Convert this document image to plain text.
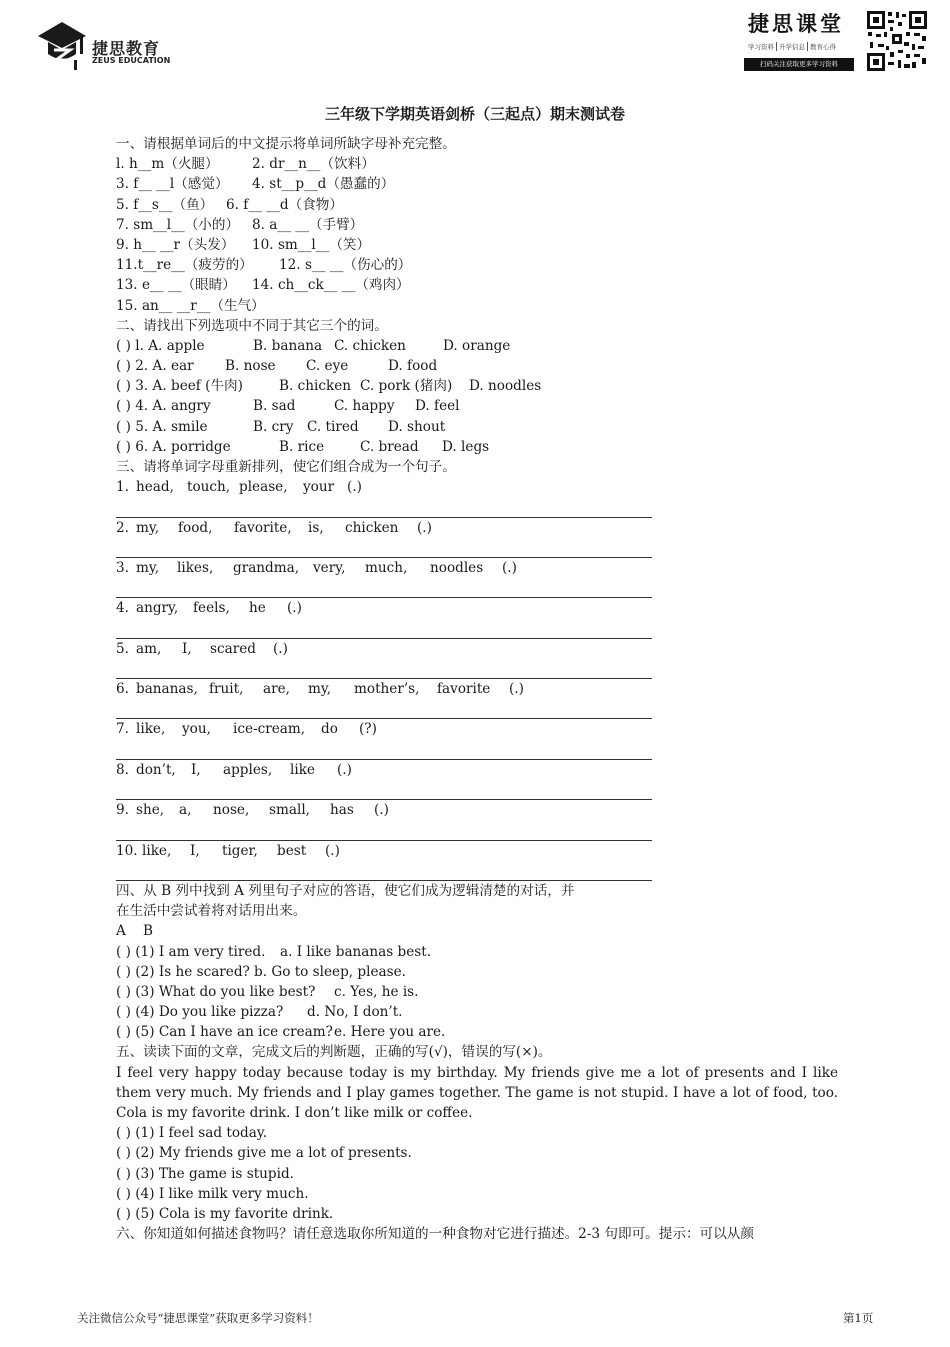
捷思教育
ZEUS EDUCATION
捷思课堂
学习资料 升学信息 教育心得
扫码关注获取更多学习资料
三年级下学期英语剑桥（三起点）期末测试卷
一、请根据单词后的中文提示将单词所缺字母补充完整。
l. h__m（火腿） 2. dr__n__（饮料）
3. f__ __l（感觉） 4. st__p__d（愚蠢的）
5. f__s__（鱼） 6. f__ __d（食物）
7. sm__l__（小的） 8. a__ __（手臂）
9. h__ __r（头发） 10. sm__l__（笑）
11.t__re__（疲劳的） 12. s__ __（伤心的）
13. e__ __（眼睛） 14. ch__ck__ __（鸡肉）
15. an__ __r__（生气）
二、请找出下列选项中不同于其它三个的词。
( ) l. A. apple	B. banana C. chicken	D. orange
( ) 2. A. ear B. nose C. eye	D. food
( ) 3. A. beef (牛肉)	B. chicken C. pork (猪肉) D. noodles
( ) 4. A. angry	B. sad	C. happy D. feel
( ) 5. A. smile	B. cry C. tired D. shout
( ) 6. A. porridge	B. rice	C. bread D. legs
三、请将单词字母重新排列，使它们组合成为一个句子。
1. head, touch, please, your (.)
2. my, food, favorite, is, chicken (.)
3. my, likes, grandma, very, much, noodles (.)
4. angry, feels, he (.)
5. am, I, scared (.)
6. bananas, fruit, are, my, mother’s, favorite (.)
7. like, you, ice-cream, do (?)
8. don’t, I, apples, like (.)
9. she, a, nose, small, has (.)
10. like, I, tiger, best (.)
四、从 B 列中找到 A 列里句子对应的答语，使它们成为逻辑清楚的对话，并
在生活中尝试着将对话用出来。
A B
( ) (1) I am very tired. a. I like bananas best.
( ) (2) Is he scared? b. Go to sleep, please.
( ) (3) What do you like best? c. Yes, he is.
( ) (4) Do you like pizza? d. No, I don’t.
( ) (5) Can I have an ice cream?e. Here you are.
五、读读下面的文章，完成文后的判断题，正确的写(√)，错误的写(×)。
I feel very happy today because today is my birthday. My friends give me a lot of presents and I like them very much. My friends and I play games together. The game is not stupid. I have a lot of food, too. Cola is my favorite drink. I don’t like milk or coffee.
( ) (1) I feel sad today.
( ) (2) My friends give me a lot of presents.
( ) (3) The game is stupid.
( ) (4) I like milk very much.
( ) (5) Cola is my favorite drink.
六、你知道如何描述食物吗？请任意选取你所知道的一种食物对它进行描述。2-3 句即可。提示：可以从颜
关注微信公众号“捷思课堂”获取更多学习资料！	第1页
